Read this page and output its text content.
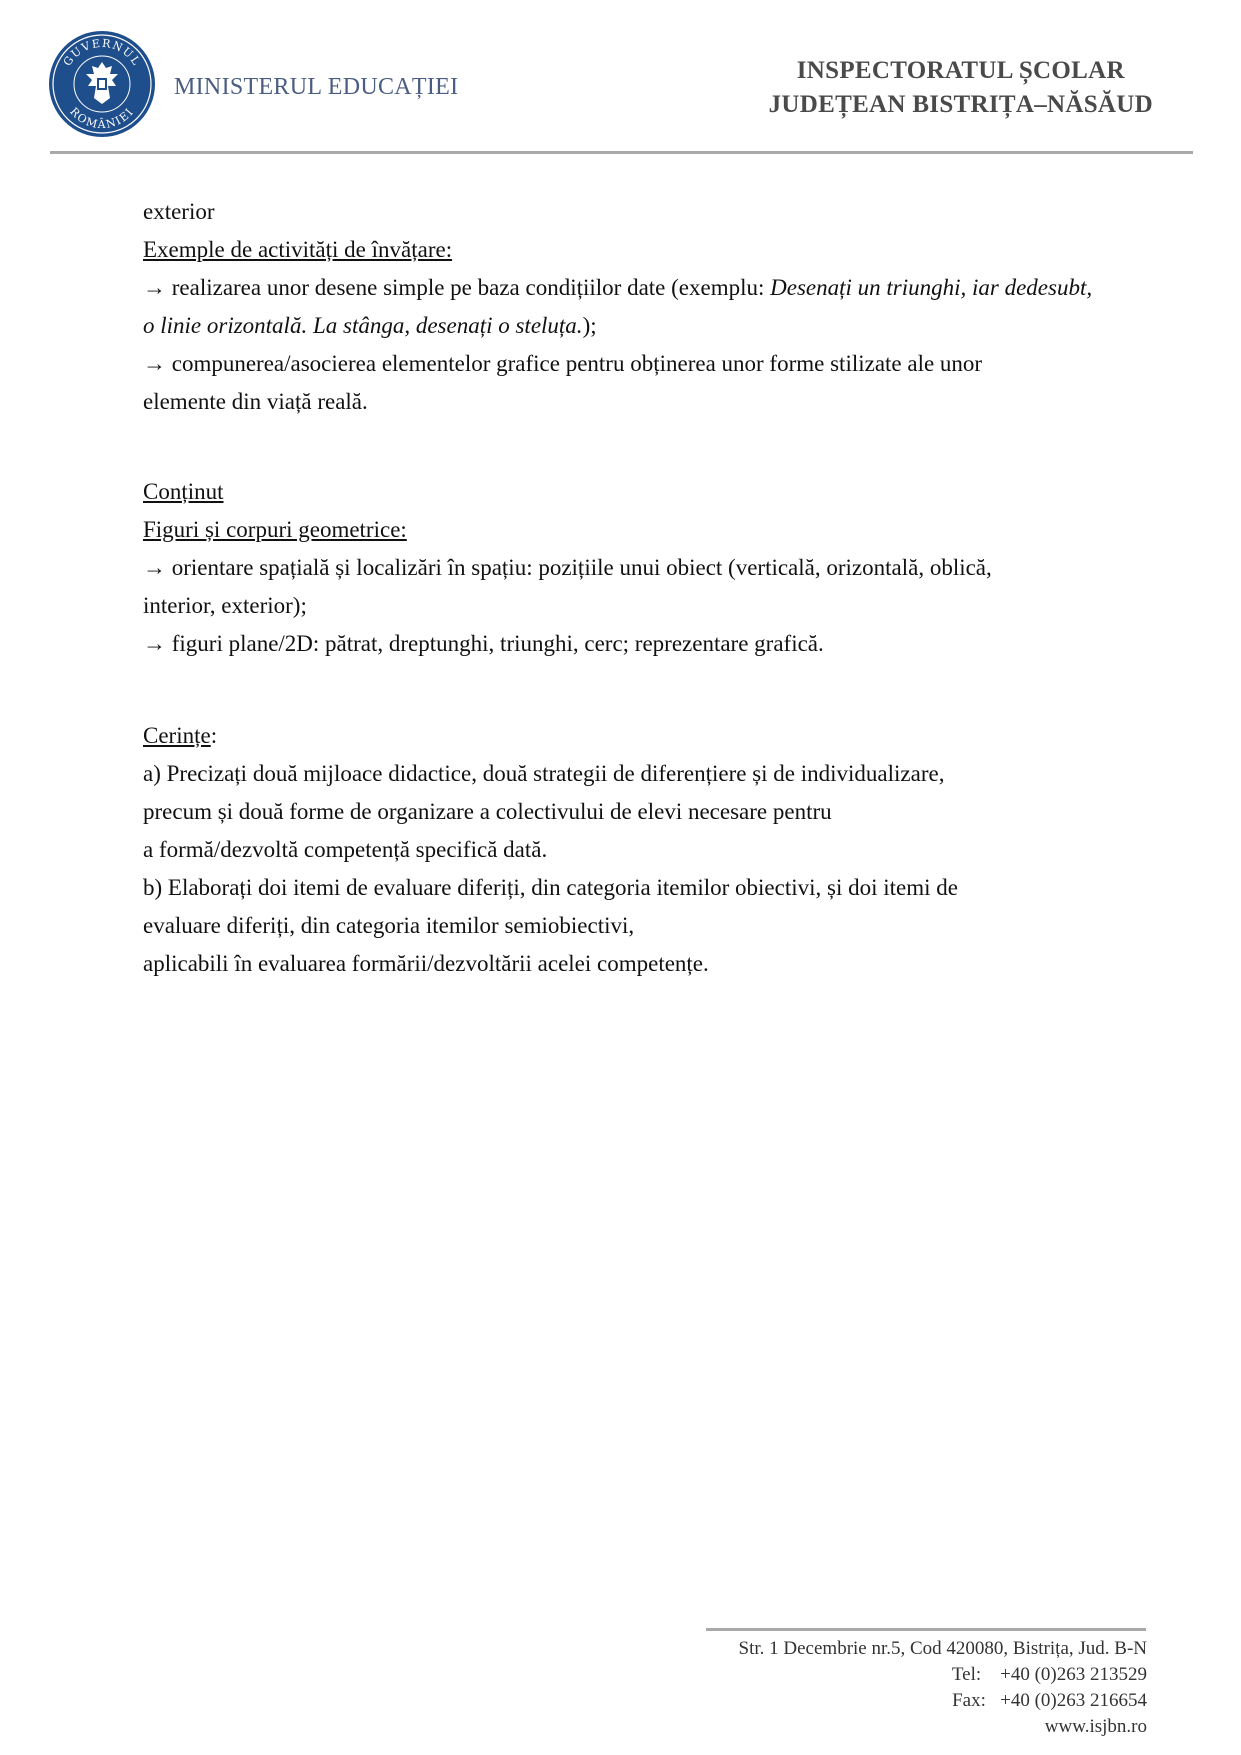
GUVERNUL
ROMÂNIEI
MINISTERUL EDUCAȚIEI
INSPECTORATUL ȘCOLAR
JUDEȚEAN BISTRIȚA–NĂSĂUD

exterior

Exemple de activități de învățare:

→ realizarea unor desene simple pe baza condițiilor date (exemplu: Desenați un triunghi, iar dedesubt, o linie orizontală. La stânga, desenați o steluța.);

→ compunerea/asocierea elementelor grafice pentru obținerea unor forme stilizate ale unor

elemente din viață reală.

Conținut

Figuri și corpuri geometrice:

→ orientare spațială și localizări în spațiu: pozițiile unui obiect (verticală, orizontală, oblică,

interior, exterior);

→ figuri plane/2D: pătrat, dreptunghi, triunghi, cerc; reprezentare grafică.

Cerințe:

a) Precizați două mijloace didactice, două strategii de diferențiere și de individualizare,

precum și două forme de organizare a colectivului de elevi necesare pentru

a formă/dezvoltă competență specifică dată.

b) Elaborați doi itemi de evaluare diferiți, din categoria itemilor obiectivi, și doi itemi de

evaluare diferiți, din categoria itemilor semiobiectivi,

aplicabili în evaluarea formării/dezvoltării acelei competențe.

Str. 1 Decembrie nr.5, Cod 420080, Bistrița, Jud. B-N
Tel:    +40 (0)263 213529
Fax:   +40 (0)263 216654
www.isjbn.ro
